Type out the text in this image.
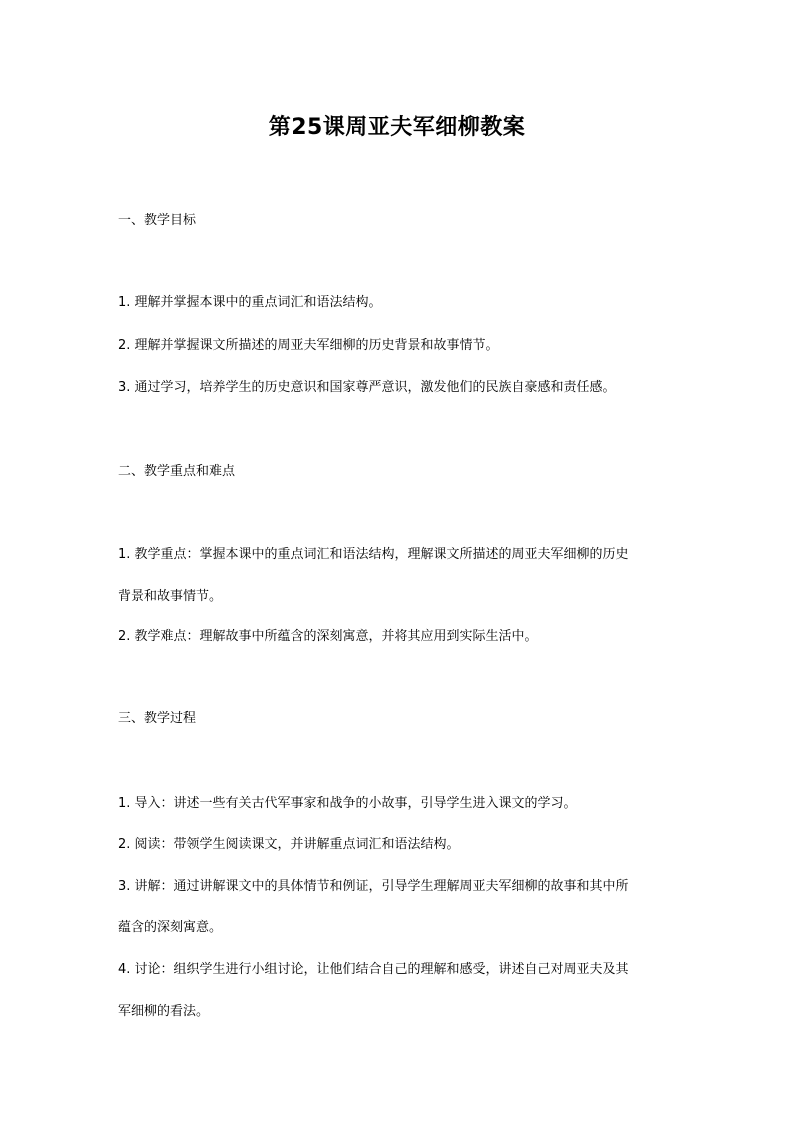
第25课周亚夫军细柳教案
一、教学目标
1. 理解并掌握本课中的重点词汇和语法结构。
2. 理解并掌握课文所描述的周亚夫军细柳的历史背景和故事情节。
3. 通过学习，培养学生的历史意识和国家尊严意识，激发他们的民族自豪感和责任感。
二、教学重点和难点
1. 教学重点：掌握本课中的重点词汇和语法结构，理解课文所描述的周亚夫军细柳的历史
背景和故事情节。
2. 教学难点：理解故事中所蕴含的深刻寓意，并将其应用到实际生活中。
三、教学过程
1. 导入：讲述一些有关古代军事家和战争的小故事，引导学生进入课文的学习。
2. 阅读：带领学生阅读课文，并讲解重点词汇和语法结构。
3. 讲解：通过讲解课文中的具体情节和例证，引导学生理解周亚夫军细柳的故事和其中所
蕴含的深刻寓意。
4. 讨论：组织学生进行小组讨论，让他们结合自己的理解和感受，讲述自己对周亚夫及其
军细柳的看法。
